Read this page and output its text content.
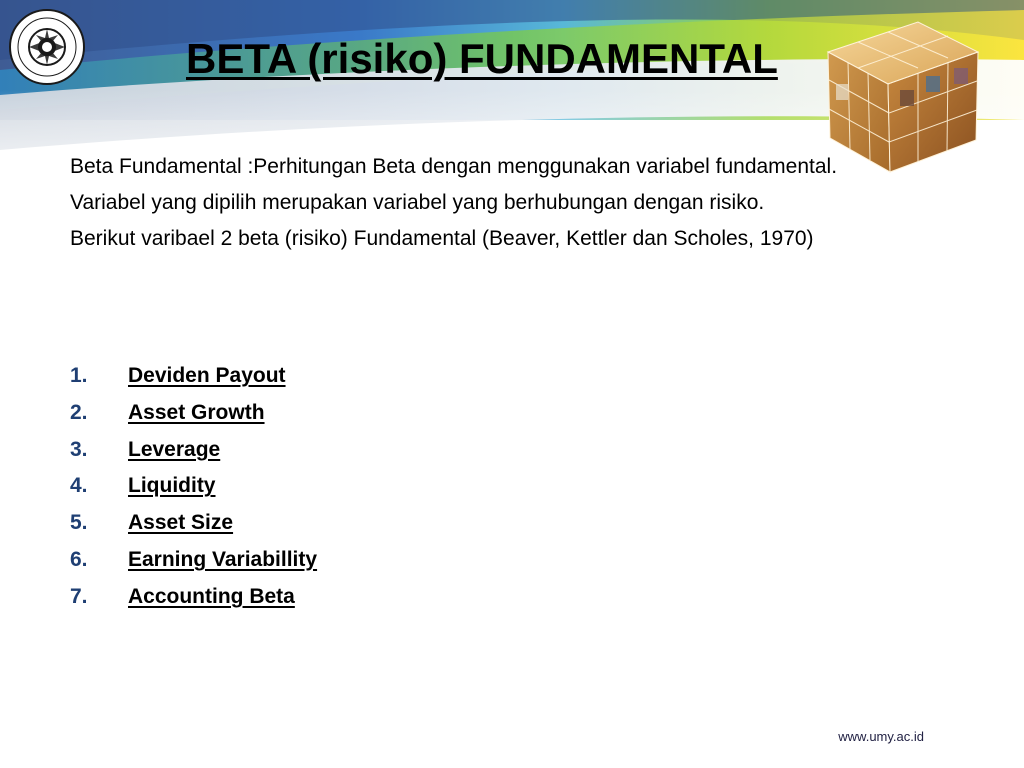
BETA (risiko) FUNDAMENTAL

Beta Fundamental :Perhitungan Beta dengan menggunakan variabel fundamental.

Variabel yang dipilih merupakan variabel yang berhubungan dengan risiko.

Berikut varibael 2 beta (risiko) Fundamental (Beaver, Kettler dan Scholes, 1970)

1. Deviden Payout
2. Asset Growth
3. Leverage
4. Liquidity
5. Asset Size
6. Earning Variabillity
7. Accounting Beta
www.umy.ac.id
